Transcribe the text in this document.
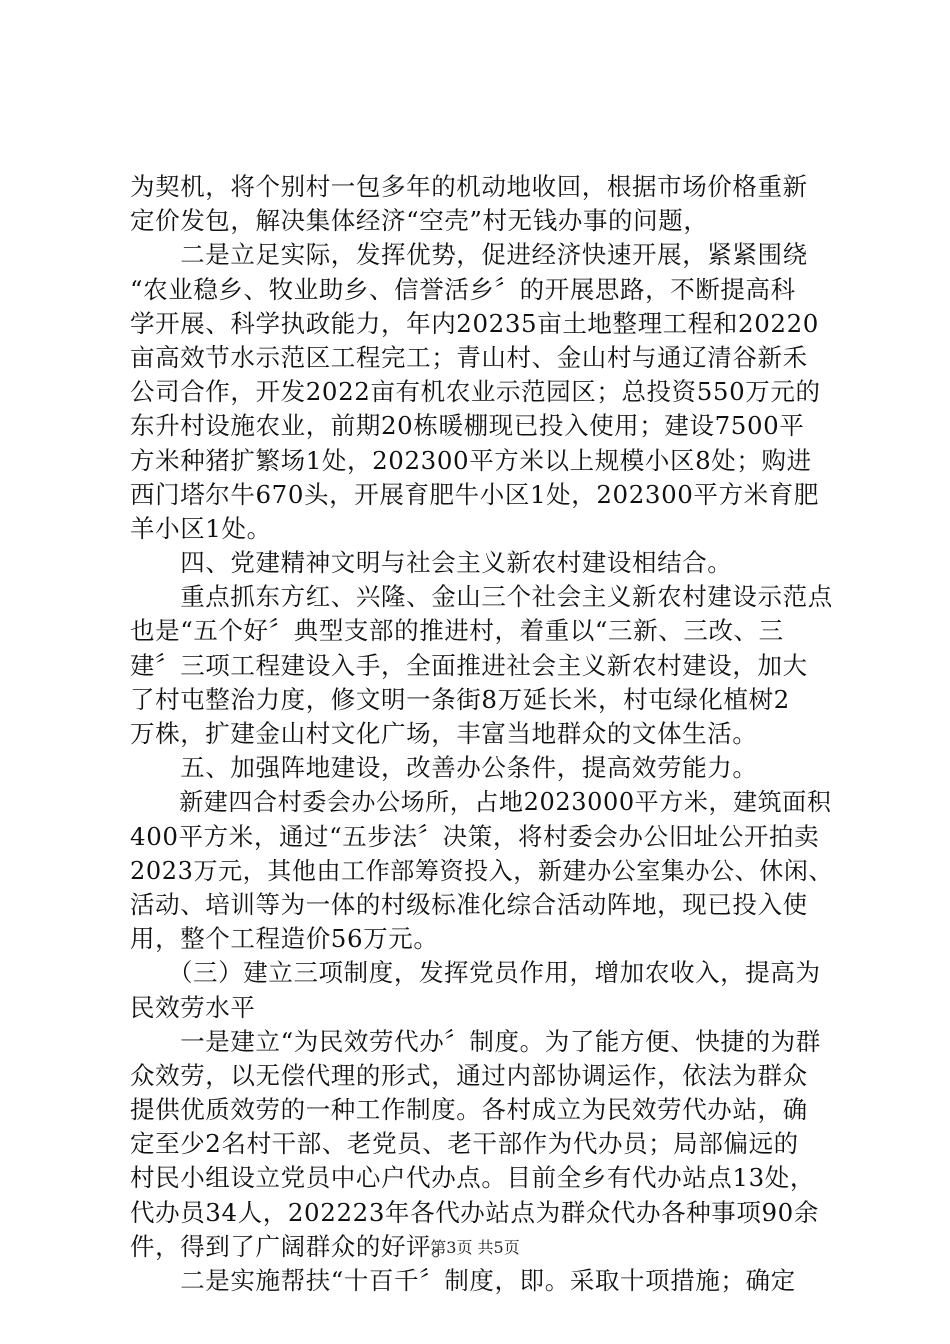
为契机，将个别村一包多年的机动地收回，根据市场价格重新
定价发包，解决集体经济“空壳”村无钱办事的问题，
　　二是立足实际，发挥优势，促进经济快速开展，紧紧围绕
“农业稳乡、牧业助乡、信誉活乡〞的开展思路，不断提高科
学开展、科学执政能力，年内20235亩土地整理工程和20220
亩高效节水示范区工程完工；青山村、金山村与通辽清谷新禾
公司合作，开发2022亩有机农业示范园区；总投资550万元的
东升村设施农业，前期20栋暖棚现已投入使用；建设7500平
方米种猪扩繁场1处，202300平方米以上规模小区8处；购进
西门塔尔牛670头，开展育肥牛小区1处，202300平方米育肥
羊小区1处。
　　四、党建精神文明与社会主义新农村建设相结合。
　　重点抓东方红、兴隆、金山三个社会主义新农村建设示范点
也是“五个好〞典型支部的推进村，着重以“三新、三改、三
建〞三项工程建设入手，全面推进社会主义新农村建设，加大
了村屯整治力度，修文明一条街8万延长米，村屯绿化植树2
万株，扩建金山村文化广场，丰富当地群众的文体生活。
　　五、加强阵地建设，改善办公条件，提高效劳能力。
　　新建四合村委会办公场所，占地2023000平方米，建筑面积
400平方米，通过“五步法〞决策，将村委会办公旧址公开拍卖
2023万元，其他由工作部筹资投入，新建办公室集办公、休闲、
活动、培训等为一体的村级标准化综合活动阵地，现已投入使
用，整个工程造价56万元。
　　（三）建立三项制度，发挥党员作用，增加农收入，提高为
民效劳水平
　　一是建立“为民效劳代办〞制度。为了能方便、快捷的为群
众效劳，以无偿代理的形式，通过内部协调运作，依法为群众
提供优质效劳的一种工作制度。各村成立为民效劳代办站，确
定至少2名村干部、老党员、老干部作为代办员；局部偏远的
村民小组设立党员中心户代办点。目前全乡有代办站点13处，
代办员34人，202223年各代办站点为群众代办各种事项90余
件，得到了广阔群众的好评。
　　二是实施帮扶“十百千〞制度，即。采取十项措施；确定
第3页 共5页
